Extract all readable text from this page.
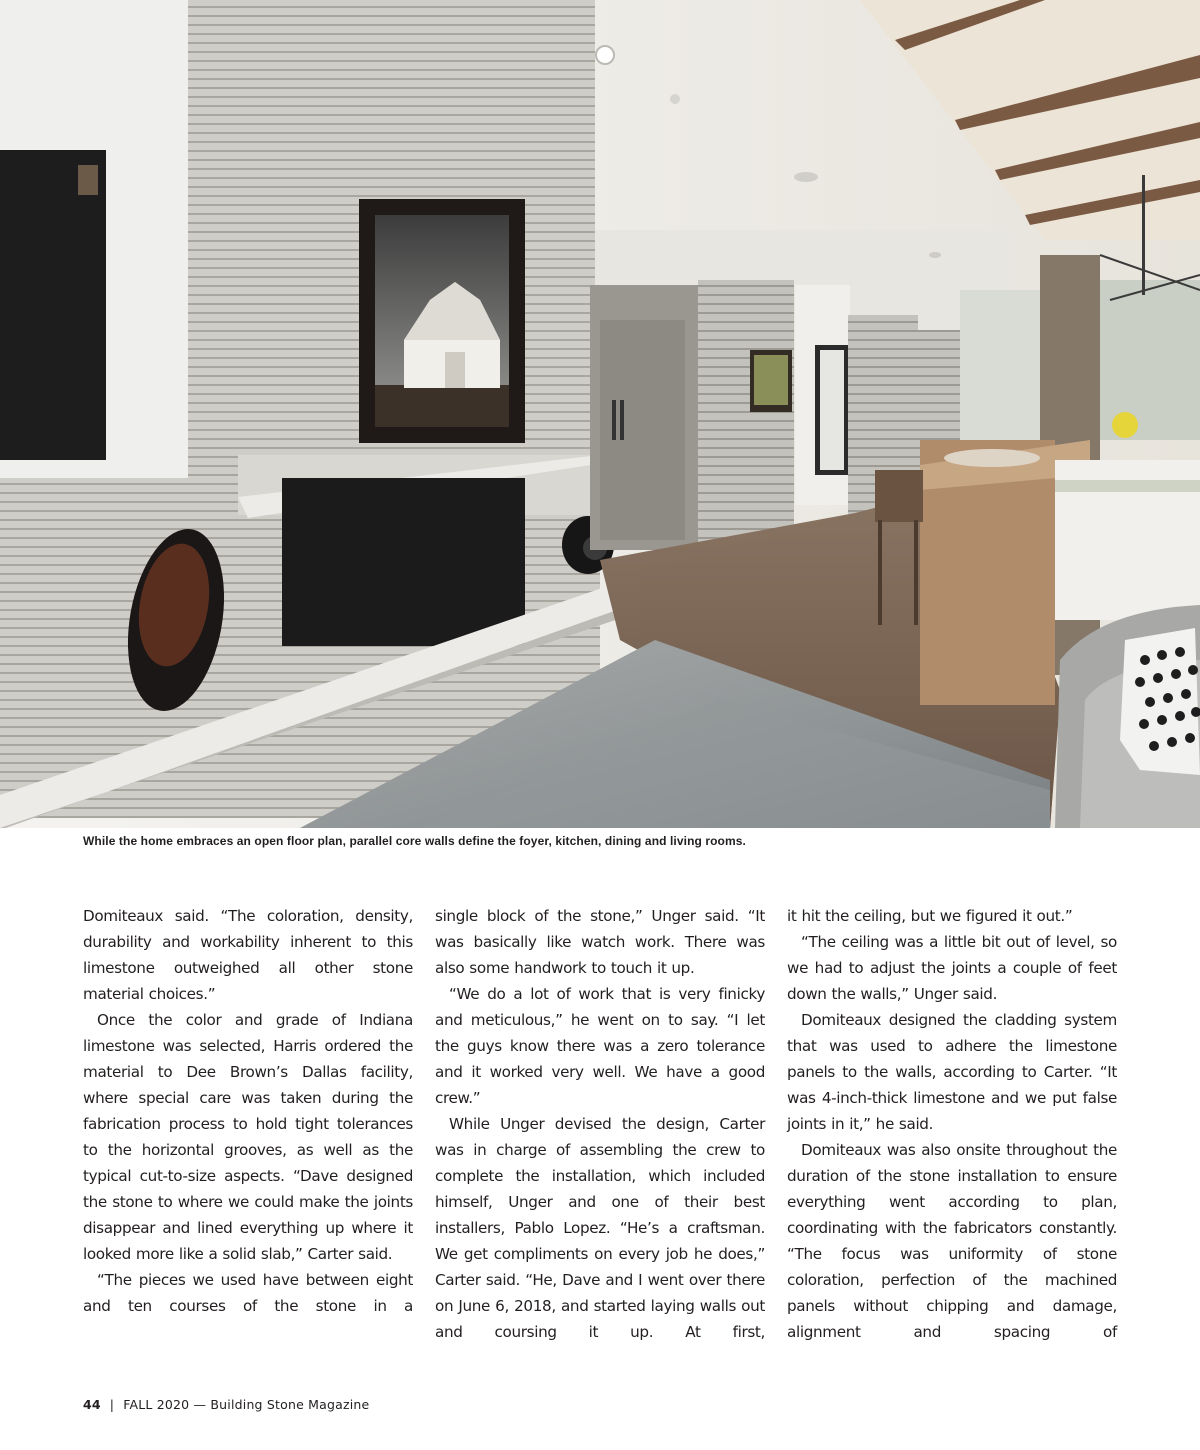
While the home embraces an open floor plan, parallel core walls define the foyer, kitchen, dining and living rooms.

Domiteaux said. “The coloration, density, durability and workability inherent to this limestone outweighed all other stone material choices.”

Once the color and grade of Indiana limestone was selected, Harris ordered the material to Dee Brown’s Dallas facility, where special care was taken during the fabrication process to hold tight tolerances to the horizontal grooves, as well as the typical cut-to-size aspects. “Dave designed the stone to where we could make the joints disappear and lined everything up where it looked more like a solid slab,” Carter said.

“The pieces we used have between eight and ten courses of the stone in a

single block of the stone,” Unger said. “It was basically like watch work. There was also some handwork to touch it up.

“We do a lot of work that is very finicky and meticulous,” he went on to say. “I let the guys know there was a zero tolerance and it worked very well. We have a good crew.”

While Unger devised the design, Carter was in charge of assembling the crew to complete the installation, which included himself, Unger and one of their best installers, Pablo Lopez. “He’s a craftsman. We get compliments on every job he does,” Carter said. “He, Dave and I went over there on June 6, 2018, and started laying walls out and coursing it up. At first,

it hit the ceiling, but we figured it out.”

“The ceiling was a little bit out of level, so we had to adjust the joints a couple of feet down the walls,” Unger said.

Domiteaux designed the cladding system that was used to adhere the limestone panels to the walls, according to Carter. “It was 4-inch-thick limestone and we put false joints in it,” he said.

Domiteaux was also onsite throughout the duration of the stone installation to ensure everything went according to plan, coordinating with the fabricators constantly. “The focus was uniformity of stone coloration, perfection of the machined panels without chipping and damage, alignment and spacing of

44 | FALL 2020 — Building Stone Magazine
